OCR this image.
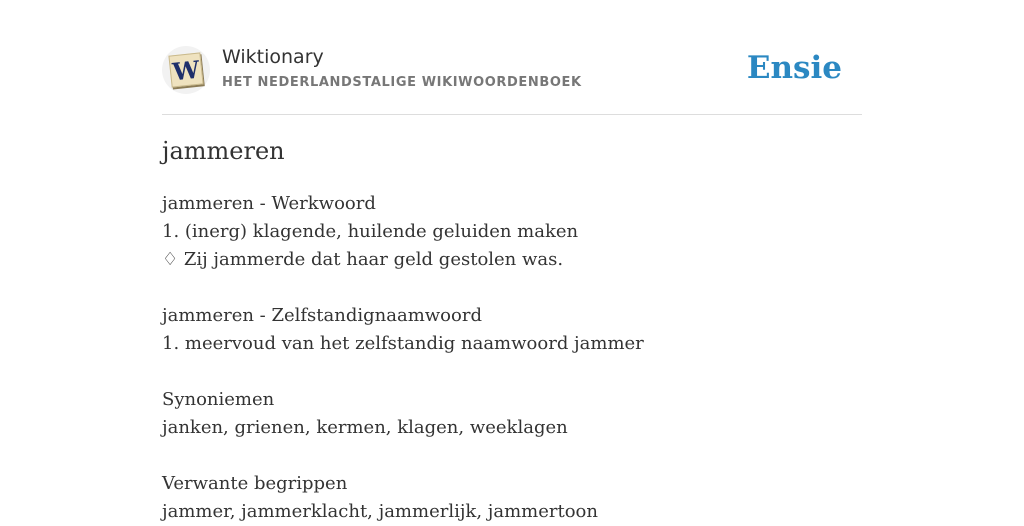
W Wiktionary
HET NEDERLANDSTALIGE WIKIWOORDENBOEK	Ensie
jammeren
jammeren - Werkwoord
1. (inerg) klagende, huilende geluiden maken
♢ Zij jammerde dat haar geld gestolen was.
jammeren - Zelfstandignaamwoord
1. meervoud van het zelfstandig naamwoord jammer
Synoniemen
janken, grienen, kermen, klagen, weeklagen
Verwante begrippen
jammer, jammerklacht, jammerlijk, jammertoon
